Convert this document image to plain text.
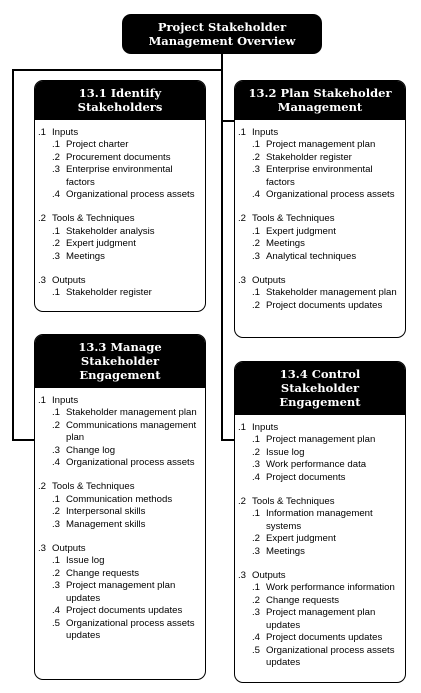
Project Stakeholder
Management Overview
13.1 Identify
Stakeholders
.1 Inputs
.1 Project charter
.2 Procurement documents
.3 Enterprise environmental factors
.4 Organizational process assets
.2 Tools & Techniques
.1 Stakeholder analysis
.2 Expert judgment
.3 Meetings
.3 Outputs
.1 Stakeholder register
13.2 Plan Stakeholder
Management
.1 Inputs
.1 Project management plan
.2 Stakeholder register
.3 Enterprise environmental factors
.4 Organizational process assets
.2 Tools & Techniques
.1 Expert judgment
.2 Meetings
.3 Analytical techniques
.3 Outputs
.1 Stakeholder management plan
.2 Project documents updates
13.3 Manage Stakeholder
Engagement
.1 Inputs
.1 Stakeholder management plan
.2 Communications management plan
.3 Change log
.4 Organizational process assets
.2 Tools & Techniques
.1 Communication methods
.2 Interpersonal skills
.3 Management skills
.3 Outputs
.1 Issue log
.2 Change requests
.3 Project management plan updates
.4 Project documents updates
.5 Organizational process assets updates
13.4 Control Stakeholder
Engagement
.1 Inputs
.1 Project management plan
.2 Issue log
.3 Work performance data
.4 Project documents
.2 Tools & Techniques
.1 Information management systems
.2 Expert judgment
.3 Meetings
.3 Outputs
.1 Work performance information
.2 Change requests
.3 Project management plan updates
.4 Project documents updates
.5 Organizational process assets updates
